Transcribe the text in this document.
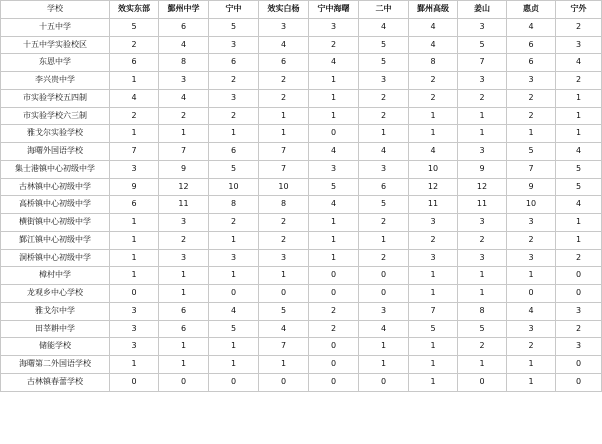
学校	效实东部	鄞州中学	宁中	效实白杨	宁中海曙	二中	鄞州高级	姜山	惠贞	宁外
十五中学	5	6	5	3	3	4	4	3	4	2
十五中学实验校区	2	4	3	4	2	5	4	5	6	3
东恩中学	6	8	6	6	4	5	8	7	6	4
李兴贵中学	1	3	2	2	1	3	2	3	3	2
市实验学校五四制	4	4	3	2	1	2	2	2	2	1
市实验学校六三制	2	2	2	1	1	2	1	1	2	1
雅戈尔实验学校	1	1	1	1	0	1	1	1	1	1
海曙外国语学校	7	7	6	7	4	4	4	3	5	4
集士港镇中心初级中学	3	9	5	7	3	3	10	9	7	5
古林镇中心初级中学	9	12	10	10	5	6	12	12	9	5
高桥镇中心初级中学	6	11	8	8	4	5	11	11	10	4
横街镇中心初级中学	1	3	2	2	1	2	3	3	3	1
鄞江镇中心初级中学	1	2	1	2	1	1	2	2	2	1
洞桥镇中心初级中学	1	3	3	3	1	2	3	3	3	2
樟村中学	1	1	1	1	0	0	1	1	1	0
龙观乡中心学校	0	1	0	0	0	0	1	1	0	0
雅戈尔中学	3	6	4	5	2	3	7	8	4	3
田莘耕中学	3	6	5	4	2	4	5	5	3	2
储能学校	3	1	1	7	0	1	1	2	2	3
海曙第二外国语学校	1	1	1	1	0	1	1	1	1	0
古林镇春蕾学校	0	0	0	0	0	0	1	0	1	0
